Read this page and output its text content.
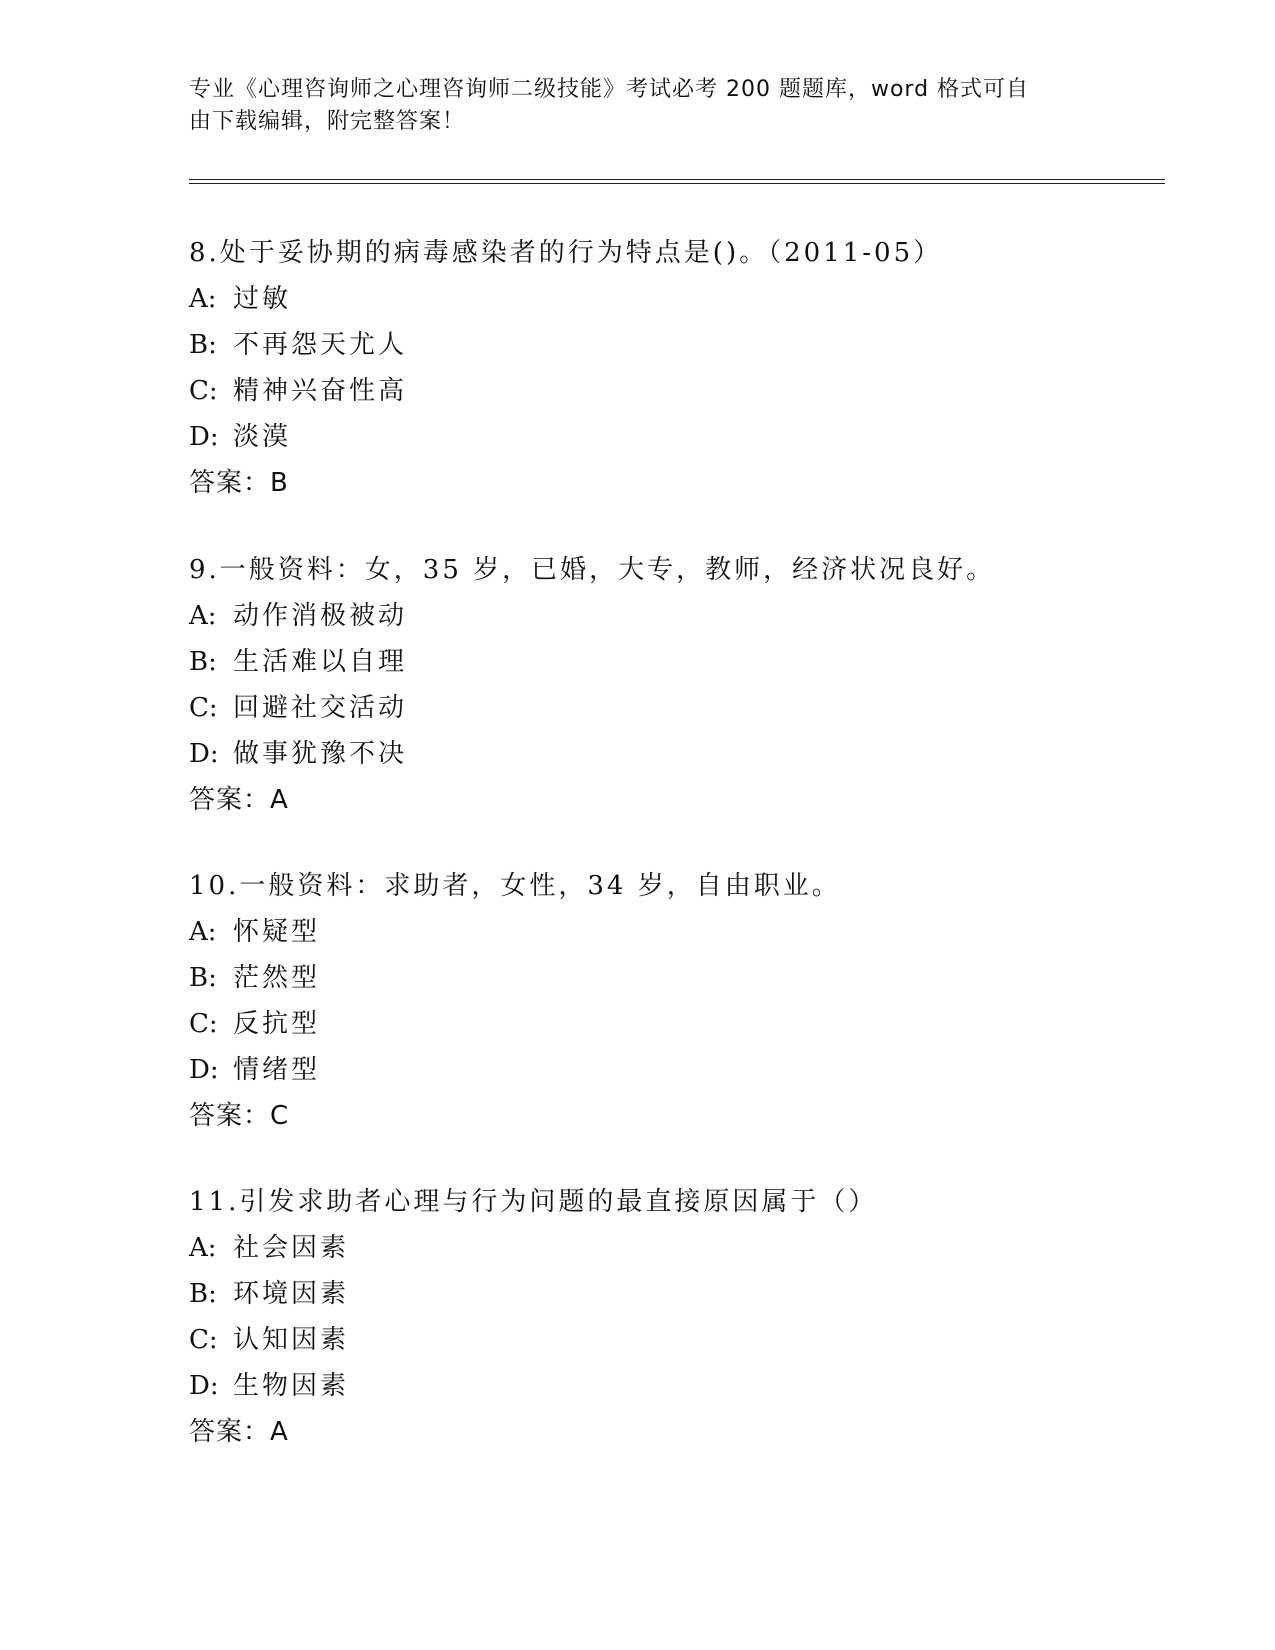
专业《心理咨询师之心理咨询师二级技能》考试必考 200 题题库，word 格式可自
由下载编辑，附完整答案！
8.处于妥协期的病毒感染者的行为特点是()。（2011-05）
A: 过敏
B: 不再怨天尤人
C: 精神兴奋性高
D: 淡漠
答案：B
9.一般资料：女，35 岁，已婚，大专，教师，经济状况良好。
A: 动作消极被动
B: 生活难以自理
C: 回避社交活动
D: 做事犹豫不决
答案：A
10.一般资料：求助者，女性，34 岁，自由职业。
A: 怀疑型
B: 茫然型
C: 反抗型
D: 情绪型
答案：C
11.引发求助者心理与行为问题的最直接原因属于（）
A: 社会因素
B: 环境因素
C: 认知因素
D: 生物因素
答案：A
